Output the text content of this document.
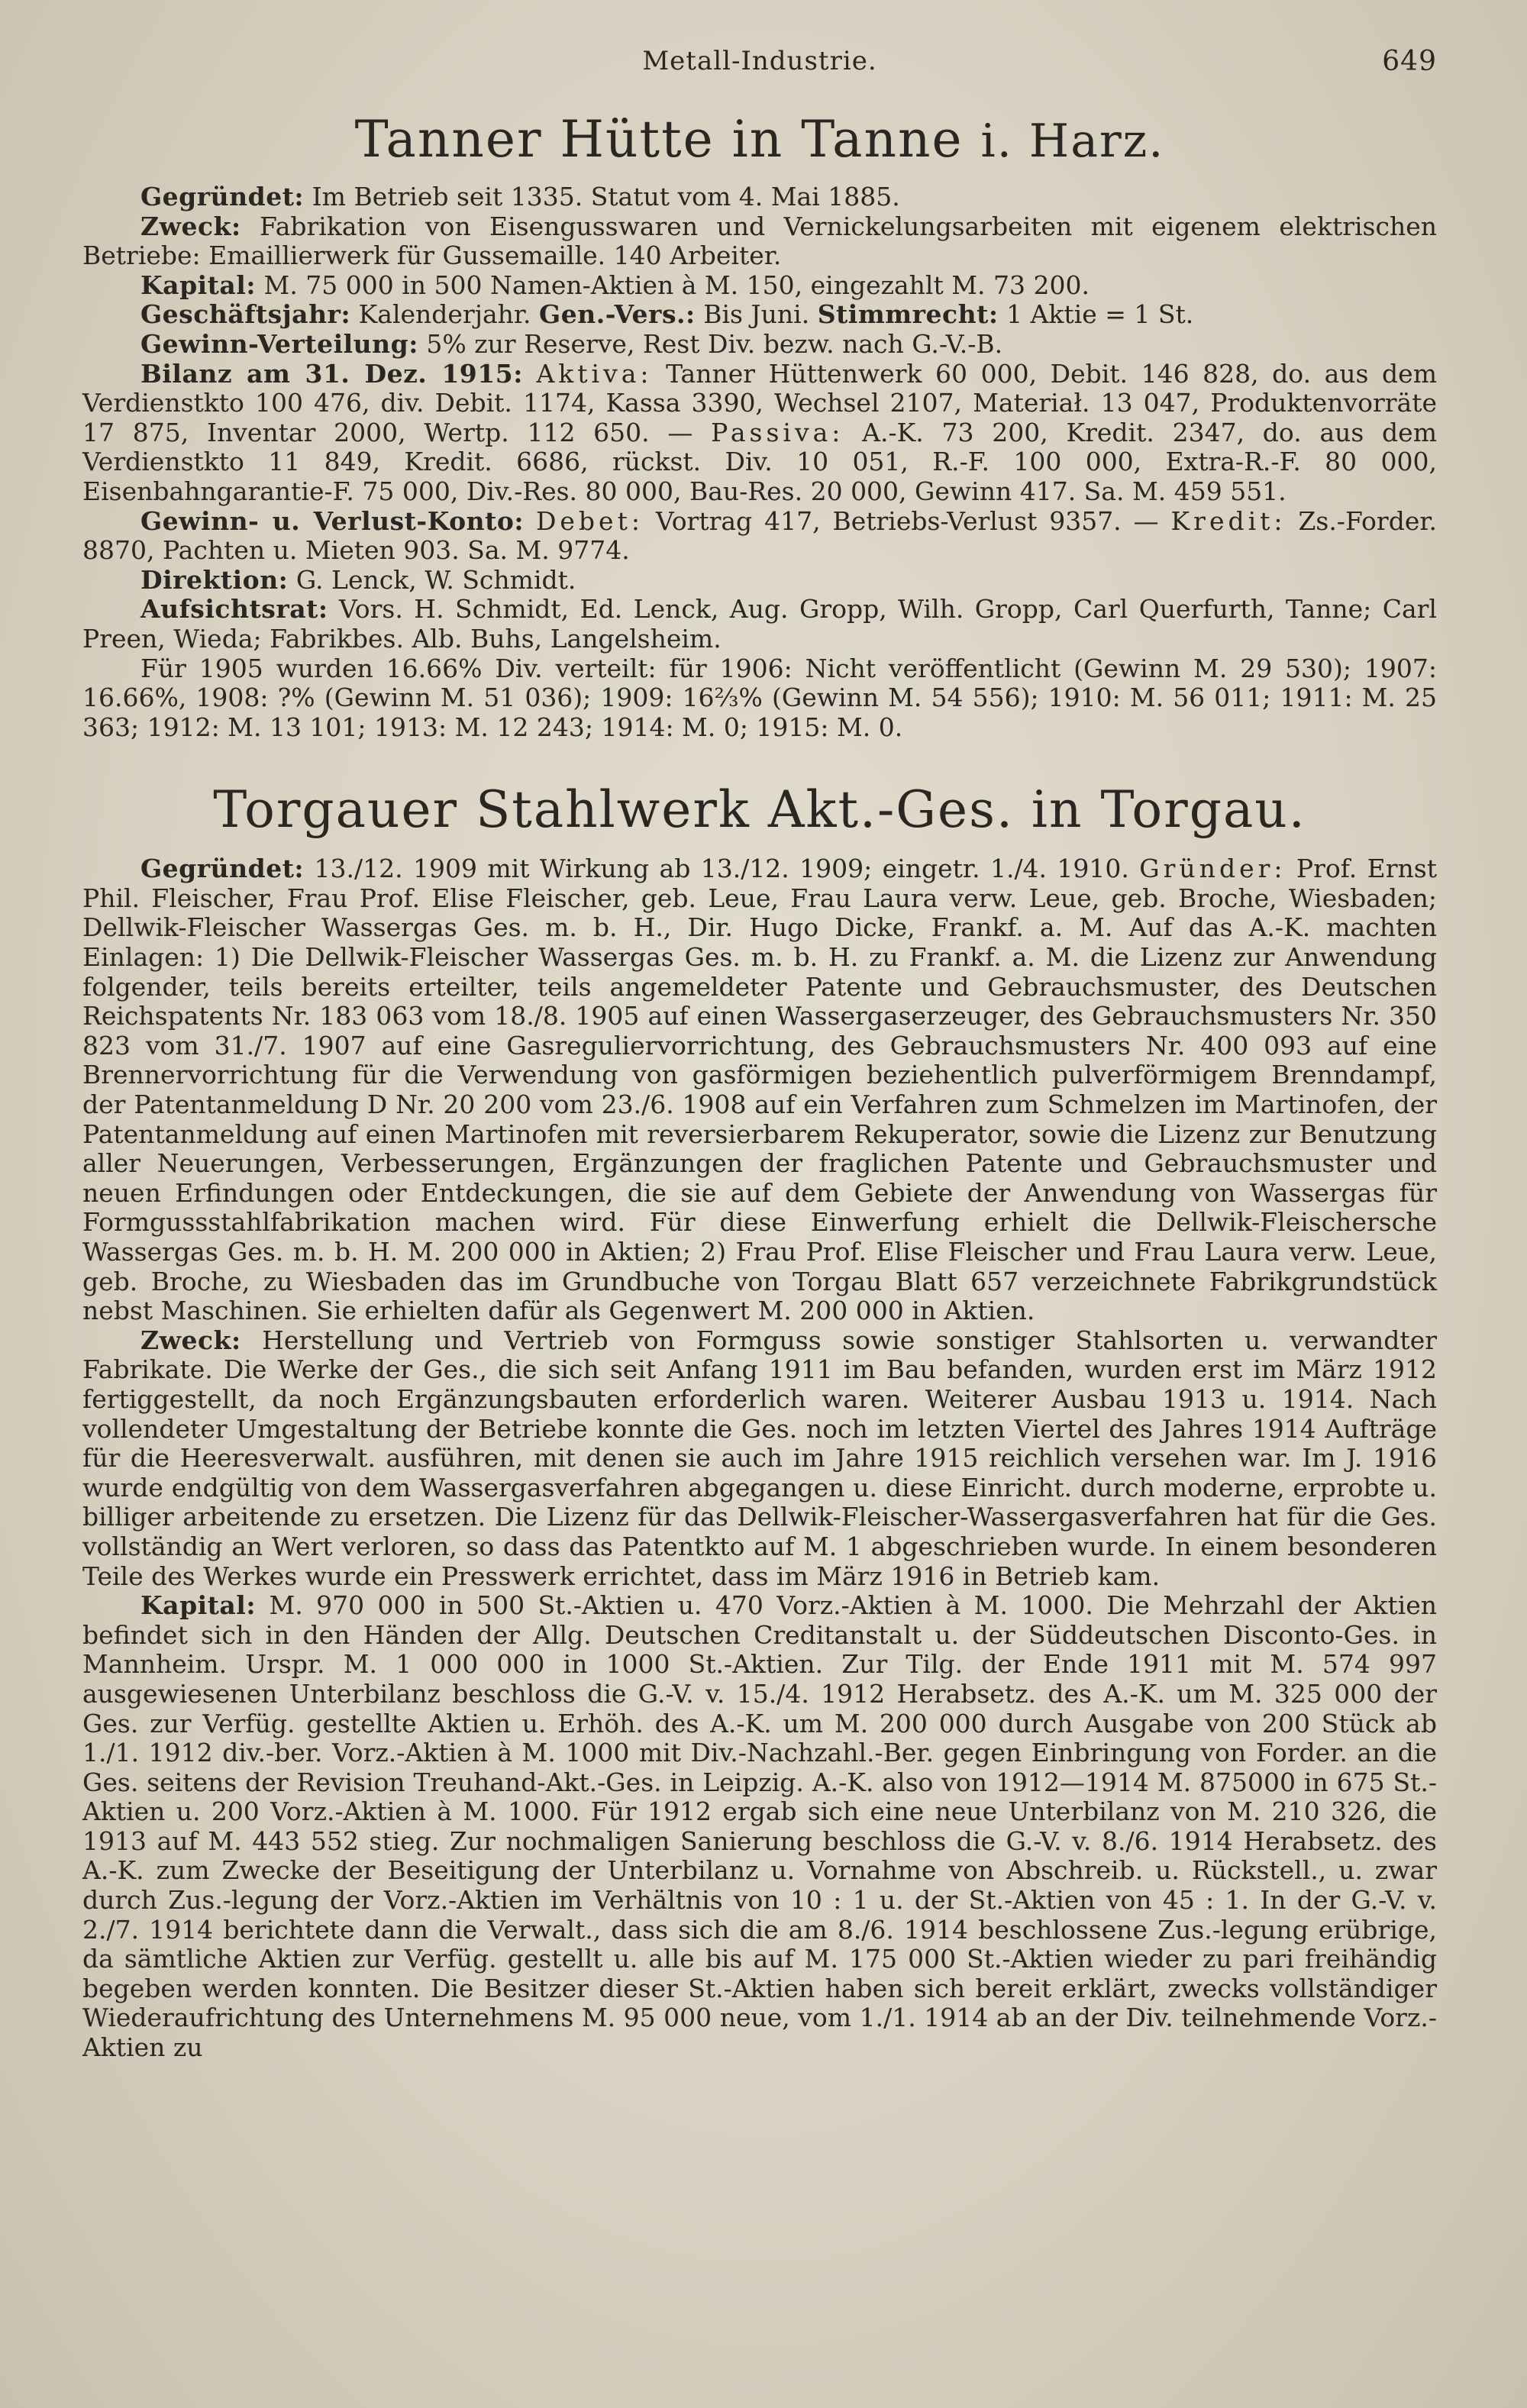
Metall-Industrie.	649
Tanner Hütte in Tanne i. Harz.

Gegründet: Im Betrieb seit 1335. Statut vom 4. Mai 1885.

Zweck: Fabrikation von Eisengusswaren und Vernickelungsarbeiten mit eigenem elektrischen Betriebe: Emaillierwerk für Gussemaille. 140 Arbeiter.

Kapital: M. 75 000 in 500 Namen-Aktien à M. 150, eingezahlt M. 73 200.

Geschäftsjahr: Kalenderjahr. Gen.-Vers.: Bis Juni. Stimmrecht: 1 Aktie = 1 St.

Gewinn-Verteilung: 5% zur Reserve, Rest Div. bezw. nach G.-V.-B.

Bilanz am 31. Dez. 1915: Aktiva: Tanner Hüttenwerk 60 000, Debit. 146 828, do. aus dem Verdienstkto 100 476, div. Debit. 1174, Kassa 3390, Wechsel 2107, Materiał. 13 047, Produktenvorräte 17 875, Inventar 2000, Wertp. 112 650. — Passiva: A.-K. 73 200, Kredit. 2347, do. aus dem Verdienstkto 11 849, Kredit. 6686, rückst. Div. 10 051, R.-F. 100 000, Extra-R.-F. 80 000, Eisenbahngarantie-F. 75 000, Div.-Res. 80 000, Bau-Res. 20 000, Gewinn 417. Sa. M. 459 551.

Gewinn- u. Verlust-Konto: Debet: Vortrag 417, Betriebs-Verlust 9357. — Kredit: Zs.-Forder. 8870, Pachten u. Mieten 903. Sa. M. 9774.

Direktion: G. Lenck, W. Schmidt.

Aufsichtsrat: Vors. H. Schmidt, Ed. Lenck, Aug. Gropp, Wilh. Gropp, Carl Querfurth, Tanne; Carl Preen, Wieda; Fabrikbes. Alb. Buhs, Langelsheim.

Für 1905 wurden 16.66% Div. verteilt: für 1906: Nicht veröffentlicht (Gewinn M. 29 530); 1907: 16.66%, 1908: ?% (Gewinn M. 51 036); 1909: 16⅔% (Gewinn M. 54 556); 1910: M. 56 011; 1911: M. 25 363; 1912: M. 13 101; 1913: M. 12 243; 1914: M. 0; 1915: M. 0.

Torgauer Stahlwerk Akt.-Ges. in Torgau.

Gegründet: 13./12. 1909 mit Wirkung ab 13./12. 1909; eingetr. 1./4. 1910. Gründer: Prof. Ernst Phil. Fleischer, Frau Prof. Elise Fleischer, geb. Leue, Frau Laura verw. Leue, geb. Broche, Wiesbaden; Dellwik-Fleischer Wassergas Ges. m. b. H., Dir. Hugo Dicke, Frankf. a. M. Auf das A.-K. machten Einlagen: 1) Die Dellwik-Fleischer Wassergas Ges. m. b. H. zu Frankf. a. M. die Lizenz zur Anwendung folgender, teils bereits erteilter, teils angemeldeter Patente und Gebrauchsmuster, des Deutschen Reichspatents Nr. 183 063 vom 18./8. 1905 auf einen Wassergaserzeuger, des Gebrauchsmusters Nr. 350 823 vom 31./7. 1907 auf eine Gasreguliervorrichtung, des Gebrauchsmusters Nr. 400 093 auf eine Brennervorrichtung für die Verwendung von gasförmigen beziehentlich pulverförmigem Brenndampf, der Patentanmeldung D Nr. 20 200 vom 23./6. 1908 auf ein Verfahren zum Schmelzen im Martinofen, der Patentanmeldung auf einen Martinofen mit reversierbarem Rekuperator, sowie die Lizenz zur Benutzung aller Neuerungen, Verbesserungen, Ergänzungen der fraglichen Patente und Gebrauchsmuster und neuen Erfindungen oder Entdeckungen, die sie auf dem Gebiete der Anwendung von Wassergas für Formgussstahlfabrikation machen wird. Für diese Einwerfung erhielt die Dellwik-Fleischersche Wassergas Ges. m. b. H. M. 200 000 in Aktien; 2) Frau Prof. Elise Fleischer und Frau Laura verw. Leue, geb. Broche, zu Wiesbaden das im Grundbuche von Torgau Blatt 657 verzeichnete Fabrikgrundstück nebst Maschinen. Sie erhielten dafür als Gegenwert M. 200 000 in Aktien.

Zweck: Herstellung und Vertrieb von Formguss sowie sonstiger Stahlsorten u. verwandter Fabrikate. Die Werke der Ges., die sich seit Anfang 1911 im Bau befanden, wurden erst im März 1912 fertiggestellt, da noch Ergänzungsbauten erforderlich waren. Weiterer Ausbau 1913 u. 1914. Nach vollendeter Umgestaltung der Betriebe konnte die Ges. noch im letzten Viertel des Jahres 1914 Aufträge für die Heeresverwalt. ausführen, mit denen sie auch im Jahre 1915 reichlich versehen war. Im J. 1916 wurde endgültig von dem Wassergasverfahren abgegangen u. diese Einricht. durch moderne, erprobte u. billiger arbeitende zu ersetzen. Die Lizenz für das Dellwik-Fleischer-Wassergasverfahren hat für die Ges. vollständig an Wert verloren, so dass das Patentkto auf M. 1 abgeschrieben wurde. In einem besonderen Teile des Werkes wurde ein Presswerk errichtet, dass im März 1916 in Betrieb kam.

Kapital: M. 970 000 in 500 St.-Aktien u. 470 Vorz.-Aktien à M. 1000. Die Mehrzahl der Aktien befindet sich in den Händen der Allg. Deutschen Creditanstalt u. der Süddeutschen Disconto-Ges. in Mannheim. Urspr. M. 1 000 000 in 1000 St.-Aktien. Zur Tilg. der Ende 1911 mit M. 574 997 ausgewiesenen Unterbilanz beschloss die G.-V. v. 15./4. 1912 Herabsetz. des A.-K. um M. 325 000 der Ges. zur Verfüg. gestellte Aktien u. Erhöh. des A.-K. um M. 200 000 durch Ausgabe von 200 Stück ab 1./1. 1912 div.-ber. Vorz.-Aktien à M. 1000 mit Div.-Nachzahl.-Ber. gegen Einbringung von Forder. an die Ges. seitens der Revision Treuhand-Akt.-Ges. in Leipzig. A.-K. also von 1912—1914 M. 875000 in 675 St.-Aktien u. 200 Vorz.-Aktien à M. 1000. Für 1912 ergab sich eine neue Unterbilanz von M. 210 326, die 1913 auf M. 443 552 stieg. Zur nochmaligen Sanierung beschloss die G.-V. v. 8./6. 1914 Herabsetz. des A.-K. zum Zwecke der Beseitigung der Unterbilanz u. Vornahme von Abschreib. u. Rückstell., u. zwar durch Zus.-legung der Vorz.-Aktien im Verhältnis von 10 : 1 u. der St.-Aktien von 45 : 1. In der G.-V. v. 2./7. 1914 berichtete dann die Verwalt., dass sich die am 8./6. 1914 beschlossene Zus.-legung erübrige, da sämtliche Aktien zur Verfüg. gestellt u. alle bis auf M. 175 000 St.-Aktien wieder zu pari freihändig begeben werden konnten. Die Besitzer dieser St.-Aktien haben sich bereit erklärt, zwecks vollständiger Wiederaufrichtung des Unternehmens M. 95 000 neue, vom 1./1. 1914 ab an der Div. teilnehmende Vorz.-Aktien zu
